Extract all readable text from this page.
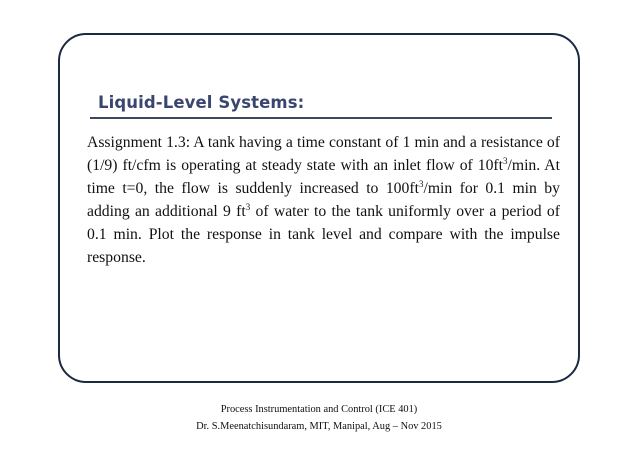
Liquid-Level Systems:

Assignment 1.3: A tank having a time constant of 1 min and a resistance of (1/9) ft/cfm is operating at steady state with an inlet flow of $10ft^3/\min$. At time t=0, the flow is suddenly increased to $100ft^3/\min$ for 0.1 min by adding an additional 9 $ft^3$ of water to the tank uniformly over a period of 0.1 min. Plot the response in tank level and compare with the impulse response.

Process Instrumentation and Control (ICE 401)
Dr. S.Meenatchisundaram, MIT, Manipal, Aug – Nov 2015
